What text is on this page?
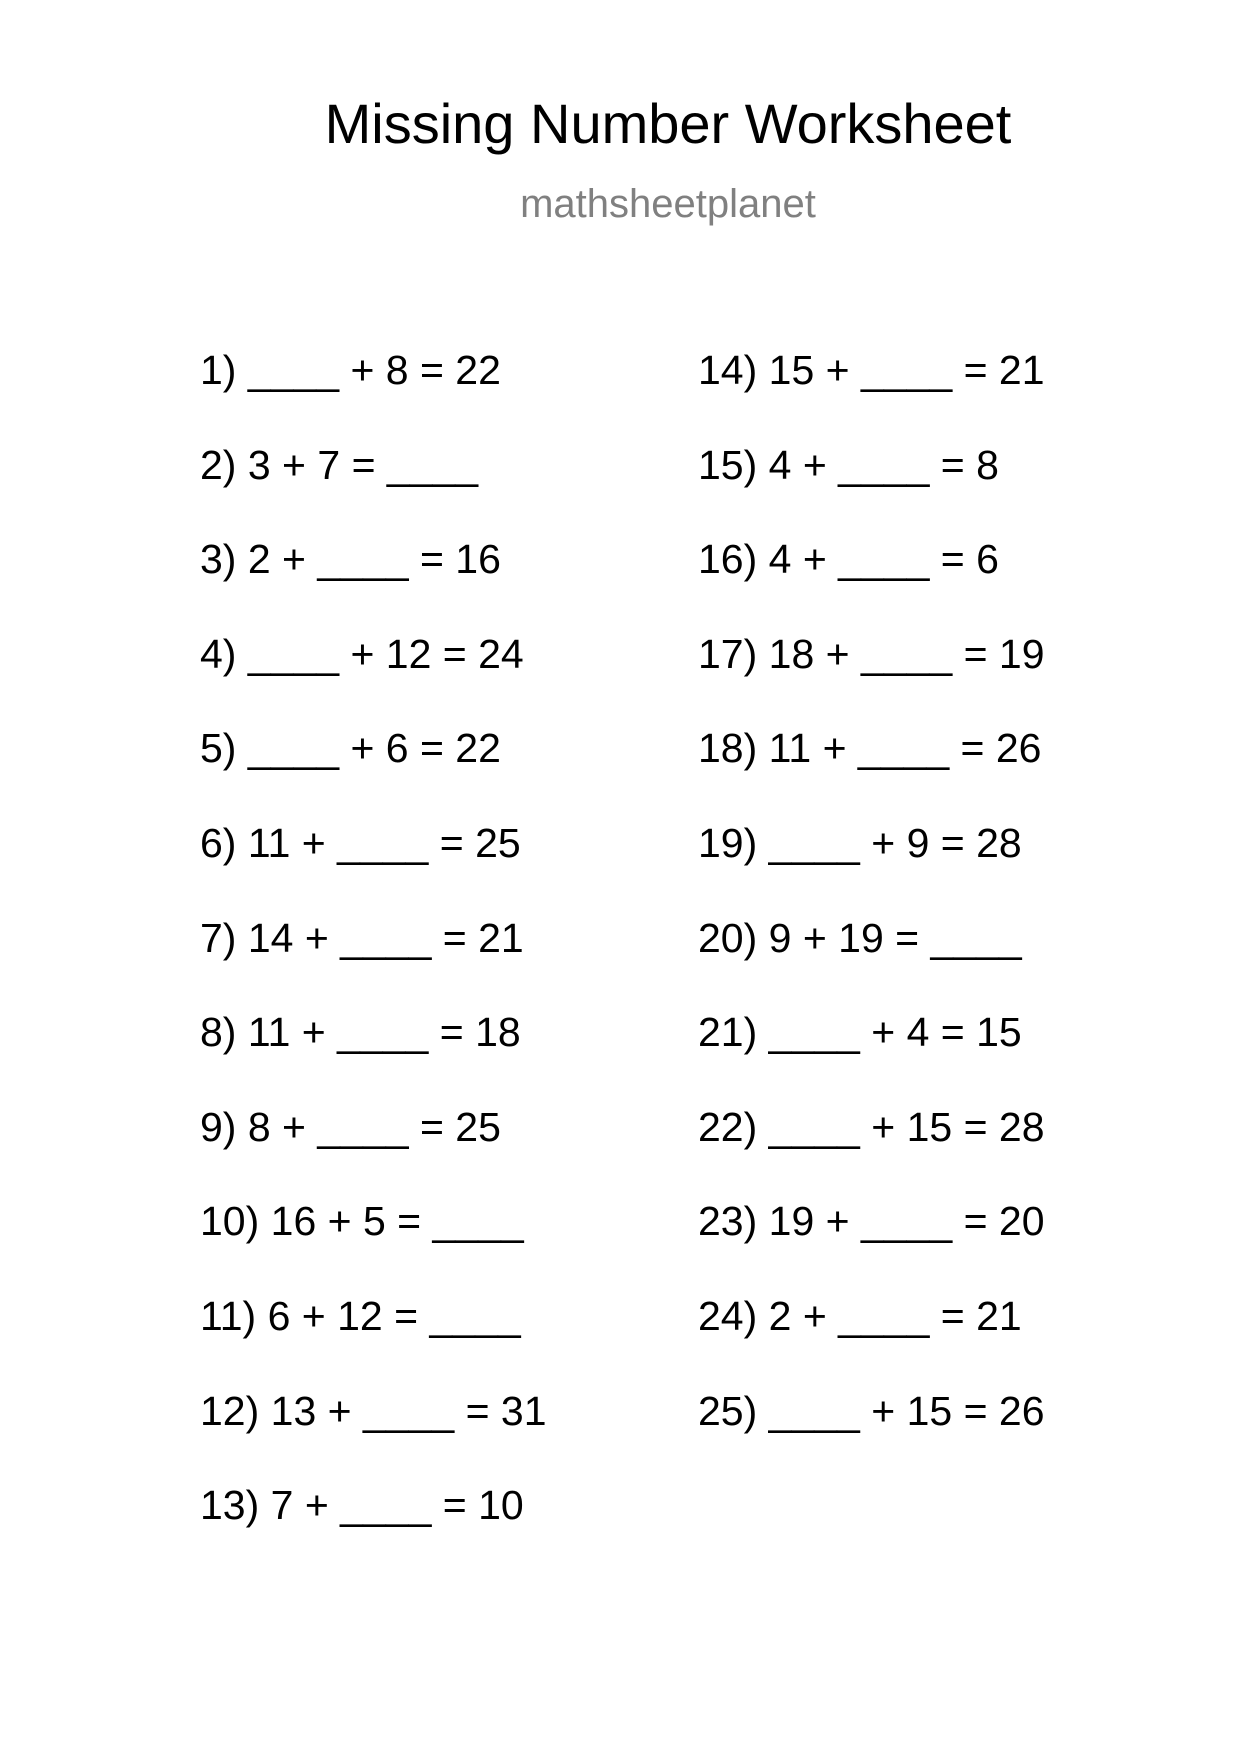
Missing Number Worksheet
mathsheetplanet
1) ____ + 8 = 22
2) 3 + 7 = ____
3) 2 + ____ = 16
4) ____ + 12 = 24
5) ____ + 6 = 22
6) 11 + ____ = 25
7) 14 + ____ = 21
8) 11 + ____ = 18
9) 8 + ____ = 25
10) 16 + 5 = ____
11) 6 + 12 = ____
12) 13 + ____ = 31
13) 7 + ____ = 10
14) 15 + ____ = 21
15) 4 + ____ = 8
16) 4 + ____ = 6
17) 18 + ____ = 19
18) 11 + ____ = 26
19) ____ + 9 = 28
20) 9 + 19 = ____
21) ____ + 4 = 15
22) ____ + 15 = 28
23) 19 + ____ = 20
24) 2 + ____ = 21
25) ____ + 15 = 26
